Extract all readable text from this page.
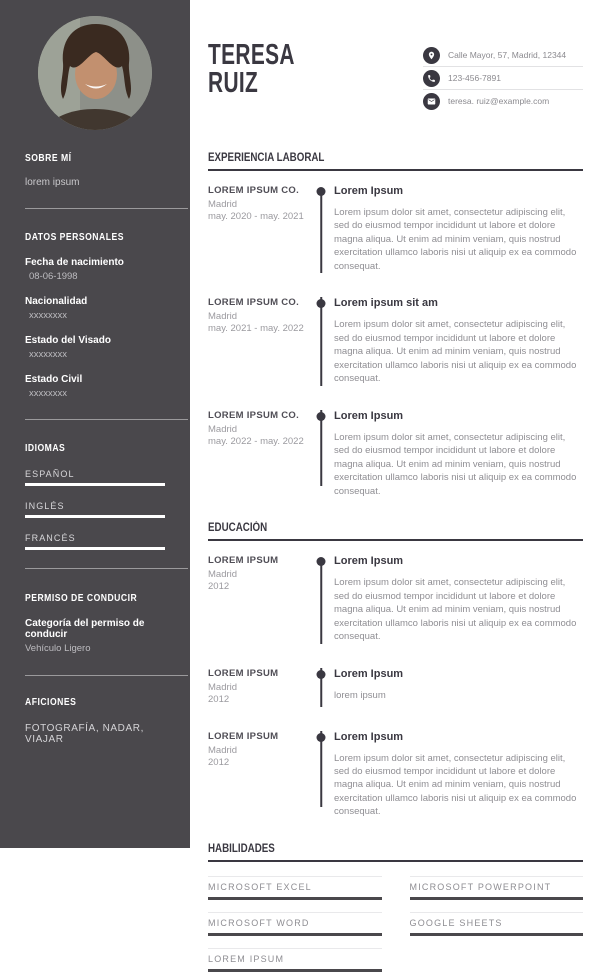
SOBRE MÍ

lorem ipsum

DATOS PERSONALES
Fecha de nacimiento
08-06-1998
Nacionalidad
xxxxxxxx
Estado del Visado
xxxxxxxx
Estado Civil
xxxxxxxx
IDIOMAS
ESPAÑOL
INGLÉS
FRANCÉS
PERMISO DE CONDUCIR
Categoría del permiso de conducir
Vehículo Ligero
AFICIONES
FOTOGRAFÍA, NADAR, VIAJAR
TERESA
RUIZ
Calle Mayor, 57, Madrid, 12344
123-456-7891
teresa. ruiz@example.com
EXPERIENCIA LABORAL
LOREM IPSUM CO.
Madrid
may. 2020 - may. 2021
Lorem Ipsum

Lorem ipsum dolor sit amet, consectetur adipiscing elit, sed do eiusmod tempor incididunt ut labore et dolore magna aliqua. Ut enim ad minim veniam, quis nostrud exercitation ullamco laboris nisi ut aliquip ex ea commodo consequat.

LOREM IPSUM CO.
Madrid
may. 2021 - may. 2022
Lorem ipsum sit am

Lorem ipsum dolor sit amet, consectetur adipiscing elit, sed do eiusmod tempor incididunt ut labore et dolore magna aliqua. Ut enim ad minim veniam, quis nostrud exercitation ullamco laboris nisi ut aliquip ex ea commodo consequat.

LOREM IPSUM CO.
Madrid
may. 2022 - may. 2022
Lorem Ipsum

Lorem ipsum dolor sit amet, consectetur adipiscing elit, sed do eiusmod tempor incididunt ut labore et dolore magna aliqua. Ut enim ad minim veniam, quis nostrud exercitation ullamco laboris nisi ut aliquip ex ea commodo consequat.

EDUCACIÓN
LOREM IPSUM
Madrid
2012
Lorem Ipsum

Lorem ipsum dolor sit amet, consectetur adipiscing elit, sed do eiusmod tempor incididunt ut labore et dolore magna aliqua. Ut enim ad minim veniam, quis nostrud exercitation ullamco laboris nisi ut aliquip ex ea commodo consequat.

LOREM IPSUM
Madrid
2012
Lorem Ipsum

lorem ipsum

LOREM IPSUM
Madrid
2012
Lorem Ipsum

Lorem ipsum dolor sit amet, consectetur adipiscing elit, sed do eiusmod tempor incididunt ut labore et dolore magna aliqua. Ut enim ad minim veniam, quis nostrud exercitation ullamco laboris nisi ut aliquip ex ea commodo consequat.

HABILIDADES
MICROSOFT EXCEL	MICROSOFT POWERPOINT
MICROSOFT WORD	GOOGLE SHEETS
LOREM IPSUM
